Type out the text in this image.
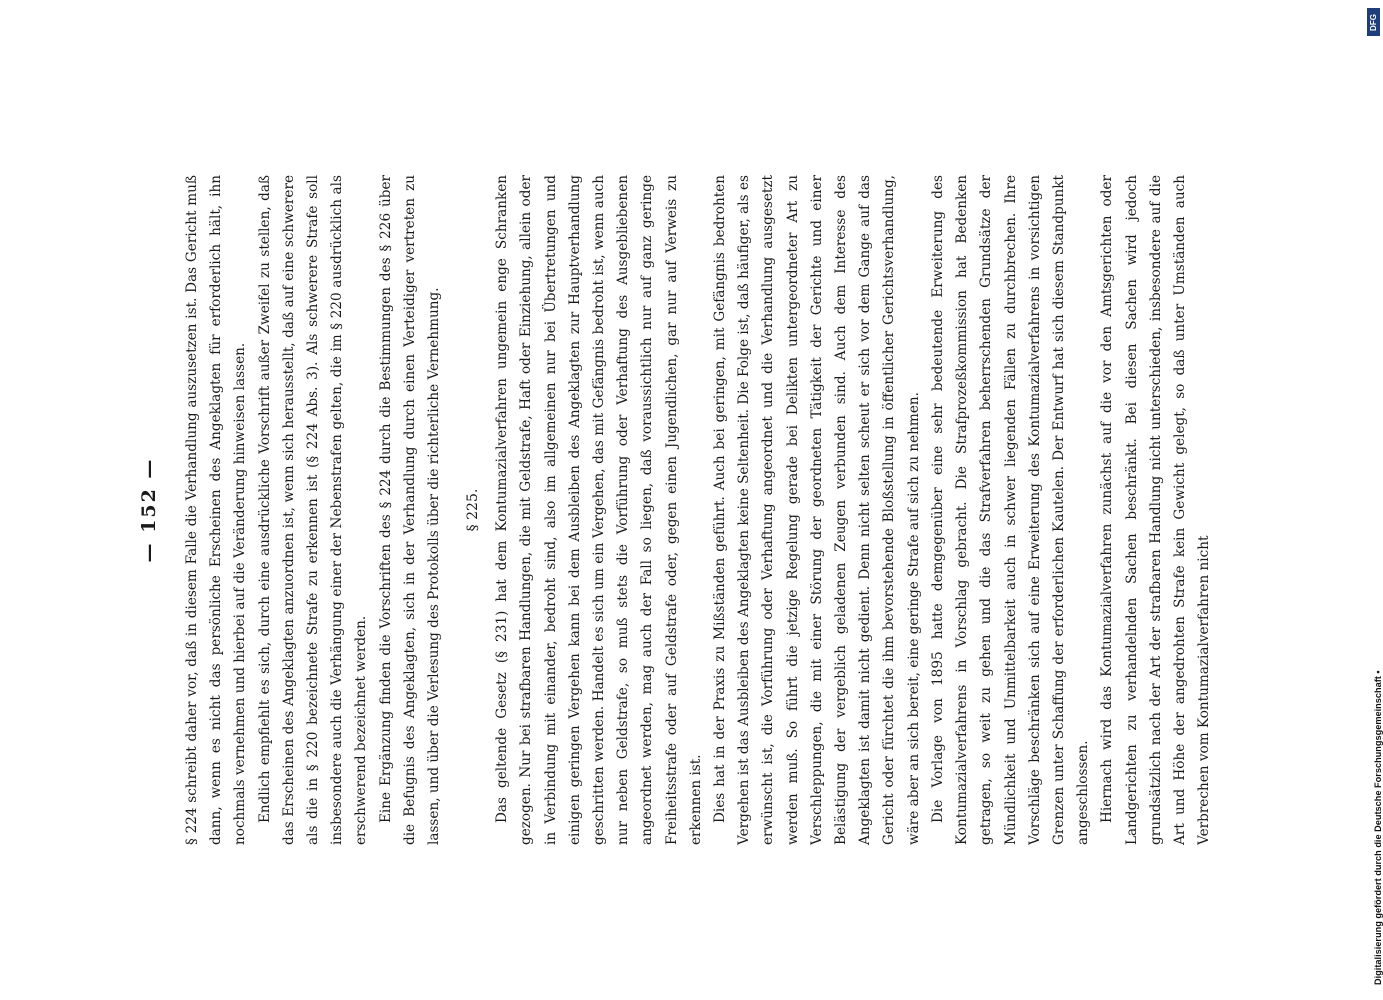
— 152 — § 224 schreibt daher vor, daß in diesem Falle die Verhandlung auszusetzen ist. Das Gericht muß dann, wenn es nicht das persönliche Erscheinen des Angeklagten für erforderlich hält, ihn nochmals vernehmen und hierbei auf die Veränderung hinweisen lassen. Endlich empfiehlt es sich, durch eine ausdrückliche Vorschrift außer Zweifel zu stellen, daß das Erscheinen des Angeklagten anzuordnen ist, wenn sich herausstellt, daß auf eine schwerere als die in § 220 bezeichnete Strafe zu erkennen ist (§ 224 Abs. 3). Als schwerere Strafe soll insbesondere auch die Verhängung einer der Nebenstrafen gelten, die im § 220 ausdrücklich als erschwerend bezeichnet werden. Eine Ergänzung finden die Vorschriften des § 224 durch die Bestimmungen des § 226 über die Befugnis des Angeklagten, sich in der Verhandlung durch einen Verteidiger vertreten zu lassen, und über die Verlesung des Protokolls über die richterliche Vernehmung.	§ 225. Das geltende Gesetz (§ 231) hat dem Kontumazialverfahren ungemein enge Schranken gezogen. Nur bei strafbaren Handlungen, die mit Geldstrafe, Haft oder Einziehung, allein oder in Verbindung mit einander, bedroht sind, also im allgemeinen nur bei Übertretungen und einigen geringen Vergehen kann bei dem Ausbleiben des Angeklagten zur Hauptverhandlung geschritten werden. Handelt es sich um ein Vergehen, das mit Gefängnis bedroht ist, wenn auch nur neben Geldstrafe, so muß stets die Vorführung oder Verhaftung des Ausgebliebenen angeordnet werden, mag auch der Fall so liegen, daß voraussichtlich nur auf ganz geringe Freiheitsstrafe oder auf Geldstrafe oder, gegen einen Jugendlichen, gar nur auf Verweis zu erkennen ist. Dies hat in der Praxis zu Mißständen geführt. Auch bei geringen, mit Gefängnis bedrohten Vergehen ist das Ausbleiben des Angeklagten keine Seltenheit. Die Folge ist, daß häufiger, als es erwünscht ist, die Vorführung oder Verhaftung angeordnet und die Verhandlung ausgesetzt werden muß. So führt die jetzige Regelung gerade bei Delikten untergeordneter Art zu Verschleppungen, die mit einer Störung der geordneten Tätigkeit der Gerichte und einer Belästigung der vergeblich geladenen Zeugen verbunden sind. Auch dem Interesse des Angeklagten ist damit nicht gedient. Denn nicht selten scheut er sich vor dem Gange auf das Gericht oder fürchtet die ihm bevorstehende Bloßstellung in öffentlicher Gerichtsverhandlung, wäre aber an sich bereit, eine geringe Strafe auf sich zu nehmen. Die Vorlage von 1895 hatte demgegenüber eine sehr bedeutende Erweiterung des Kontumazialverfahrens in Vorschlag gebracht. Die Strafprozeßkommission hat Bedenken getragen, so weit zu gehen und die das Strafverfahren beherrschenden Grundsätze der Mündlichkeit und Unmittelbarkeit auch in schwer liegenden Fällen zu durchbrechen. Ihre Vorschläge beschränken sich auf eine Erweiterung des Kontumazialverfahrens in vorsichtigen Grenzen unter Schaffung der erforderlichen Kautelen. Der Entwurf hat sich diesem Standpunkt angeschlossen. Hiernach wird das Kontumazialverfahren zunächst auf die vor den Amtsgerichten oder Landgerichten zu verhandelnden Sachen beschränkt. Bei diesen Sachen wird jedoch grundsätzlich nach der Art der strafbaren Handlung nicht unterschieden, insbesondere auf die Art und Höhe der angedrohten Strafe kein Gewicht gelegt, so daß unter Umständen auch Verbrechen vom Kontumazialverfahren nicht

DFG
Digitalisierung gefördert durch die Deutsche Forschungsgemeinschaft •
